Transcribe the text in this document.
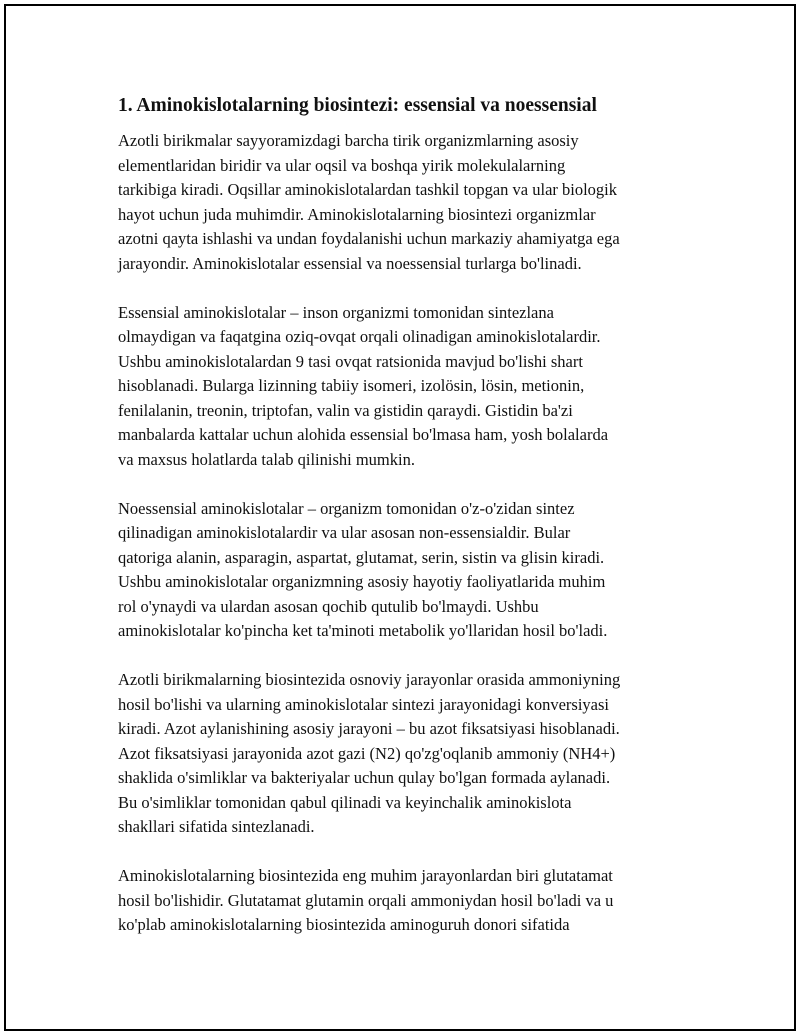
1. Aminokislotalarning biosintezi: essensial va noessensial

Azotli birikmalar sayyoramizdagi barcha tirik organizmlarning asosiy
elementlaridan biridir va ular oqsil va boshqa yirik molekulalarning
tarkibiga kiradi. Oqsillar aminokislotalardan tashkil topgan va ular biologik
hayot uchun juda muhimdir. Aminokislotalarning biosintezi organizmlar
azotni qayta ishlashi va undan foydalanishi uchun markaziy ahamiyatga ega
jarayondir. Aminokislotalar essensial va noessensial turlarga bo'linadi.

Essensial aminokislotalar – inson organizmi tomonidan sintezlana
olmaydigan va faqatgina oziq-ovqat orqali olinadigan aminokislotalardir.
Ushbu aminokislotalardan 9 tasi ovqat ratsionida mavjud bo'lishi shart
hisoblanadi. Bularga lizinning tabiiy isomeri, izolösin, lösin, metionin,
fenilalanin, treonin, triptofan, valin va gistidin qaraydi. Gistidin ba'zi
manbalarda kattalar uchun alohida essensial bo'lmasa ham, yosh bolalarda
va maxsus holatlarda talab qilinishi mumkin.

Noessensial aminokislotalar – organizm tomonidan o'z-o'zidan sintez
qilinadigan aminokislotalardir va ular asosan non-essensialdir. Bular
qatoriga alanin, asparagin, aspartat, glutamat, serin, sistin va glisin kiradi.
Ushbu aminokislotalar organizmning asosiy hayotiy faoliyatlarida muhim
rol o'ynaydi va ulardan asosan qochib qutulib bo'lmaydi. Ushbu
aminokislotalar ko'pincha ket ta'minoti metabolik yo'llaridan hosil bo'ladi.

Azotli birikmalarning biosintezida osnoviy jarayonlar orasida ammoniyning
hosil bo'lishi va ularning aminokislotalar sintezi jarayonidagi konversiyasi
kiradi. Azot aylanishining asosiy jarayoni – bu azot fiksatsiyasi hisoblanadi.
Azot fiksatsiyasi jarayonida azot gazi (N2) qo'zg'oqlanib ammoniy (NH4+)
shaklida o'simliklar va bakteriyalar uchun qulay bo'lgan formada aylanadi.
Bu o'simliklar tomonidan qabul qilinadi va keyinchalik aminokislota
shakllari sifatida sintezlanadi.

Aminokislotalarning biosintezida eng muhim jarayonlardan biri glutatamat
hosil bo'lishidir. Glutatamat glutamin orqali ammoniydan hosil bo'ladi va u
ko'plab aminokislotalarning biosintezida aminoguruh donori sifatida
